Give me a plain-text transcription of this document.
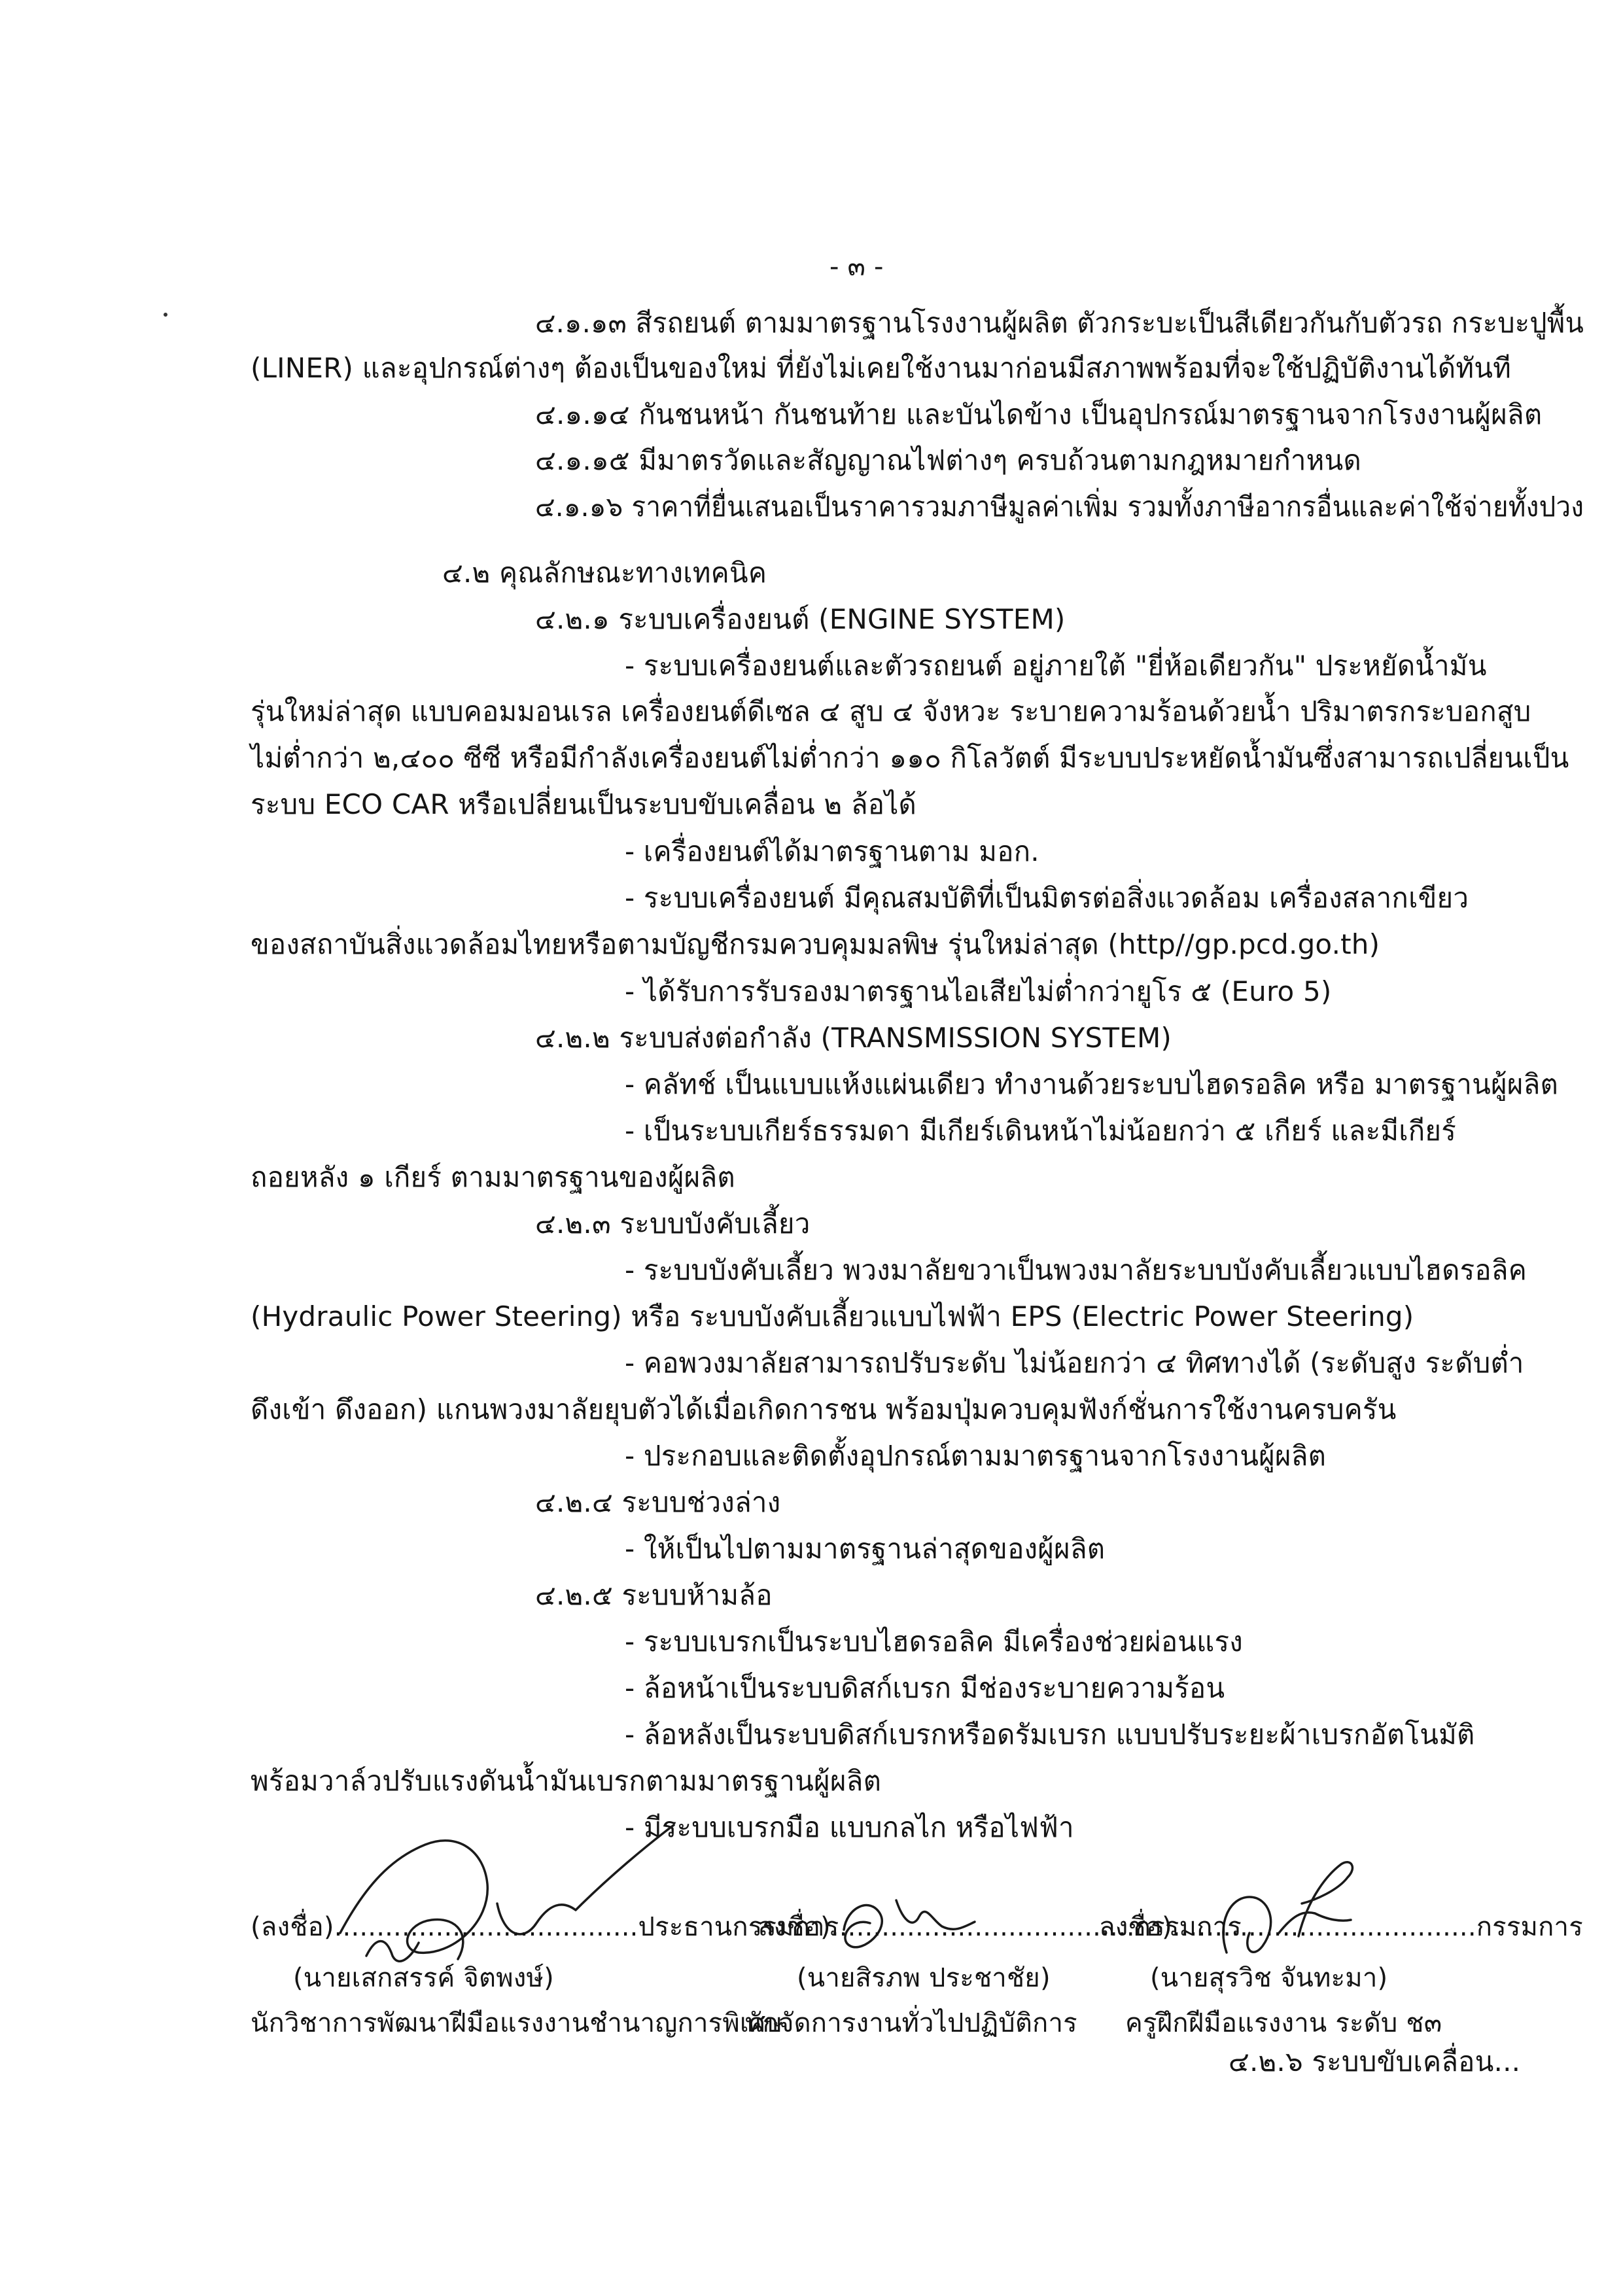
- ๓ -
๔.๑.๑๓ สีรถยนต์ ตามมาตรฐานโรงงานผู้ผลิต ตัวกระบะเป็นสีเดียวกันกับตัวรถ กระบะปูพื้น
(LINER) และอุปกรณ์ต่างๆ ต้องเป็นของใหม่ ที่ยังไม่เคยใช้งานมาก่อนมีสภาพพร้อมที่จะใช้ปฏิบัติงานได้ทันที
๔.๑.๑๔ กันชนหน้า กันชนท้าย และบันไดข้าง เป็นอุปกรณ์มาตรฐานจากโรงงานผู้ผลิต
๔.๑.๑๕ มีมาตรวัดและสัญญาณไฟต่างๆ ครบถ้วนตามกฎหมายกำหนด
๔.๑.๑๖ ราคาที่ยื่นเสนอเป็นราคารวมภาษีมูลค่าเพิ่ม รวมทั้งภาษีอากรอื่นและค่าใช้จ่ายทั้งปวง
๔.๒ คุณลักษณะทางเทคนิค
๔.๒.๑ ระบบเครื่องยนต์ (ENGINE SYSTEM)
- ระบบเครื่องยนต์และตัวรถยนต์ อยู่ภายใต้ "ยี่ห้อเดียวกัน" ประหยัดน้ำมัน
รุ่นใหม่ล่าสุด แบบคอมมอนเรล เครื่องยนต์ดีเซล ๔ สูบ ๔ จังหวะ ระบายความร้อนด้วยน้ำ ปริมาตรกระบอกสูบ
ไม่ต่ำกว่า ๒,๔๐๐ ซีซี หรือมีกำลังเครื่องยนต์ไม่ต่ำกว่า ๑๑๐ กิโลวัตต์ มีระบบประหยัดน้ำมันซึ่งสามารถเปลี่ยนเป็น
ระบบ ECO CAR หรือเปลี่ยนเป็นระบบขับเคลื่อน ๒ ล้อได้
- เครื่องยนต์ได้มาตรฐานตาม มอก.
- ระบบเครื่องยนต์ มีคุณสมบัติที่เป็นมิตรต่อสิ่งแวดล้อม เครื่องสลากเขียว
ของสถาบันสิ่งแวดล้อมไทยหรือตามบัญชีกรมควบคุมมลพิษ รุ่นใหม่ล่าสุด (http//gp.pcd.go.th)
- ได้รับการรับรองมาตรฐานไอเสียไม่ต่ำกว่ายูโร ๕ (Euro 5)
๔.๒.๒ ระบบส่งต่อกำลัง (TRANSMISSION SYSTEM)
- คลัทช์ เป็นแบบแห้งแผ่นเดียว ทำงานด้วยระบบไฮดรอลิค หรือ มาตรฐานผู้ผลิต
- เป็นระบบเกียร์ธรรมดา มีเกียร์เดินหน้าไม่น้อยกว่า ๕ เกียร์ และมีเกียร์
ถอยหลัง ๑ เกียร์ ตามมาตรฐานของผู้ผลิต
๔.๒.๓ ระบบบังคับเลี้ยว
- ระบบบังคับเลี้ยว พวงมาลัยขวาเป็นพวงมาลัยระบบบังคับเลี้ยวแบบไฮดรอลิค
(Hydraulic Power Steering) หรือ ระบบบังคับเลี้ยวแบบไฟฟ้า EPS (Electric Power Steering)
- คอพวงมาลัยสามารถปรับระดับ ไม่น้อยกว่า ๔ ทิศทางได้ (ระดับสูง ระดับต่ำ
ดึงเข้า ดึงออก) แกนพวงมาลัยยุบตัวได้เมื่อเกิดการชน พร้อมปุ่มควบคุมฟังก์ชั่นการใช้งานครบครัน
- ประกอบและติดตั้งอุปกรณ์ตามมาตรฐานจากโรงงานผู้ผลิต
๔.๒.๔ ระบบช่วงล่าง
- ให้เป็นไปตามมาตรฐานล่าสุดของผู้ผลิต
๔.๒.๕ ระบบห้ามล้อ
- ระบบเบรกเป็นระบบไฮดรอลิค มีเครื่องช่วยผ่อนแรง
- ล้อหน้าเป็นระบบดิสก์เบรก มีช่องระบายความร้อน
- ล้อหลังเป็นระบบดิสก์เบรกหรือดรัมเบรก แบบปรับระยะผ้าเบรกอัตโนมัติ
พร้อมวาล์วปรับแรงดันน้ำมันเบรกตามมาตรฐานผู้ผลิต
- มีระบบเบรกมือ แบบกลไก หรือไฟฟ้า
(ลงชื่อ)....................................ประธานกรรมการ
(นายเสกสรรค์ จิตพงษ์)
นักวิชาการพัฒนาฝีมือแรงงานชำนาญการพิเศษ
ลงชื่อ)....................................กรรมการ
(นายสิรภพ ประชาชัย)
นักจัดการงานทั่วไปปฏิบัติการ
ลงชื่อ)....................................กรรมการ
(นายสุรวิช จันทะมา)
ครูฝึกฝีมือแรงงาน ระดับ ช๓
๔.๒.๖ ระบบขับเคลื่อน...
